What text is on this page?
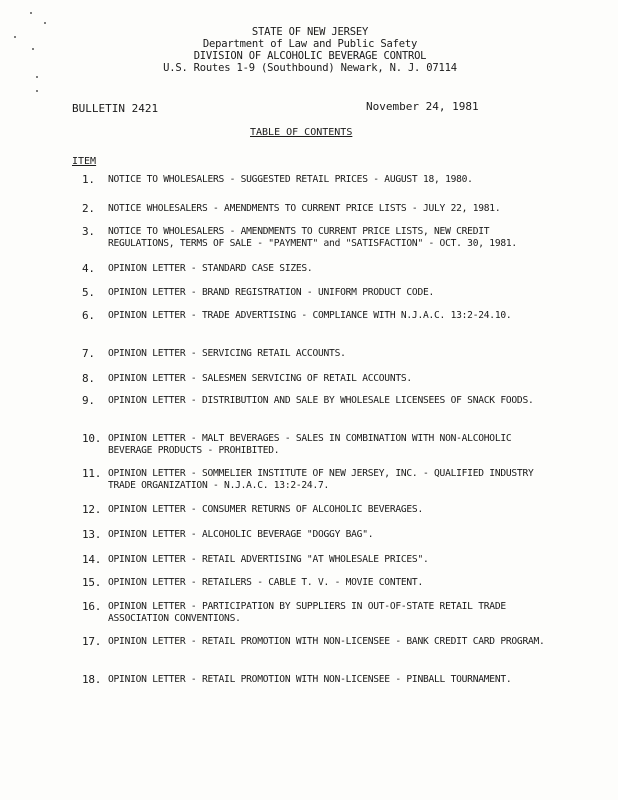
STATE OF NEW JERSEY
Department of Law and Public Safety
DIVISION OF ALCOHOLIC BEVERAGE CONTROL
U.S. Routes 1-9 (Southbound) Newark, N. J. 07114
BULLETIN 2421	November 24, 1981
TABLE OF CONTENTS
ITEM
1.	NOTICE TO WHOLESALERS - SUGGESTED RETAIL PRICES - AUGUST 18, 1980.
2.	NOTICE WHOLESALERS - AMENDMENTS TO CURRENT PRICE LISTS - JULY 22, 1981.
3.	NOTICE TO WHOLESALERS - AMENDMENTS TO CURRENT PRICE LISTS, NEW CREDIT REGULATIONS, TERMS OF SALE - "PAYMENT" and "SATISFACTION" - OCT. 30, 1981.
4.	OPINION LETTER - STANDARD CASE SIZES.
5.	OPINION LETTER - BRAND REGISTRATION - UNIFORM PRODUCT CODE.
6.	OPINION LETTER - TRADE ADVERTISING - COMPLIANCE WITH N.J.A.C. 13:2-24.10.
7.	OPINION LETTER - SERVICING RETAIL ACCOUNTS.
8.	OPINION LETTER - SALESMEN SERVICING OF RETAIL ACCOUNTS.
9.	OPINION LETTER - DISTRIBUTION AND SALE BY WHOLESALE LICENSEES OF SNACK FOODS.
10. OPINION LETTER - MALT BEVERAGES - SALES IN COMBINATION WITH NON-ALCOHOLIC BEVERAGE PRODUCTS - PROHIBITED.
11. OPINION LETTER - SOMMELIER INSTITUTE OF NEW JERSEY, INC. - QUALIFIED INDUSTRY TRADE ORGANIZATION - N.J.A.C. 13:2-24.7.
12. OPINION LETTER - CONSUMER RETURNS OF ALCOHOLIC BEVERAGES.
13. OPINION LETTER - ALCOHOLIC BEVERAGE "DOGGY BAG".
14. OPINION LETTER - RETAIL ADVERTISING "AT WHOLESALE PRICES".
15. OPINION LETTER - RETAILERS - CABLE T. V. - MOVIE CONTENT.
16. OPINION LETTER - PARTICIPATION BY SUPPLIERS IN OUT-OF-STATE RETAIL TRADE ASSOCIATION CONVENTIONS.
17. OPINION LETTER - RETAIL PROMOTION WITH NON-LICENSEE - BANK CREDIT CARD PROGRAM.
18. OPINION LETTER - RETAIL PROMOTION WITH NON-LICENSEE - PINBALL TOURNAMENT.
